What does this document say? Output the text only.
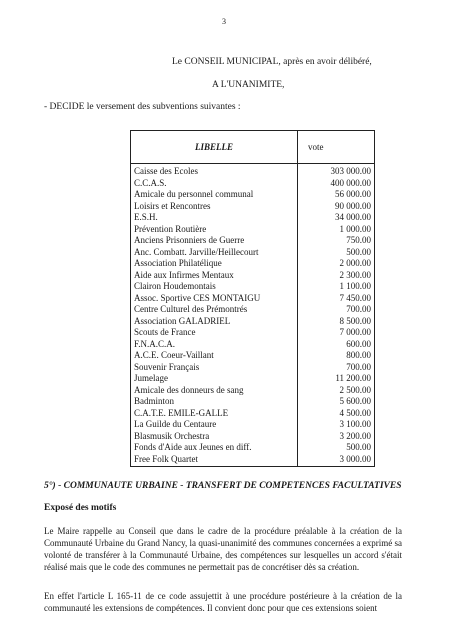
3
Le CONSEIL MUNICIPAL, après en avoir délibéré,
A L'UNANIMITE,
- DECIDE le versement des subventions suivantes :
LIBELLE	vote
Caisse des Ecoles	303 000.00
C.C.A.S.	400 000.00
Amicale du personnel communal	56 000.00
Loisirs et Rencontres	90 000.00
E.S.H.	34 000.00
Prévention Routière	1 000.00
Anciens Prisonniers de Guerre	750.00
Anc. Combatt. Jarville/Heillecourt	500.00
Association Philatélique	2 000.00
Aide aux Infirmes Mentaux	2 300.00
Clairon Houdemontais	1 100.00
Assoc. Sportive CES MONTAIGU	7 450.00
Centre Culturel des Prémontrés	700.00
Association GALADRIEL	8 500.00
Scouts de France	7 000.00
F.N.A.C.A.	600.00
A.C.E. Coeur-Vaillant	800.00
Souvenir Français	700.00
Jumelage	11 200.00
Amicale des donneurs de sang	2 500.00
Badminton	5 600.00
C.A.T.E. EMILE-GALLE	4 500.00
La Guilde du Centaure	3 100.00
Blasmusik Orchestra	3 200.00
Fonds d'Aide aux Jeunes en diff.	500.00
Free Folk Quartet	3 000.00
5°) - COMMUNAUTE URBAINE - TRANSFERT DE COMPETENCES FACULTATIVES
Exposé des motifs

Le Maire rappelle au Conseil que dans le cadre de la procédure préalable à la création de la Communauté Urbaine du Grand Nancy, la quasi-unanimité des communes concernées a exprimé sa volonté de transférer à la Communauté Urbaine, des compétences sur lesquelles un accord s'était réalisé mais que le code des communes ne permettait pas de concrétiser dès sa création.

En effet l'article L 165-11 de ce code assujettit à une procédure postérieure à la création de la communauté les extensions de compétences. Il convient donc pour que ces extensions soient
